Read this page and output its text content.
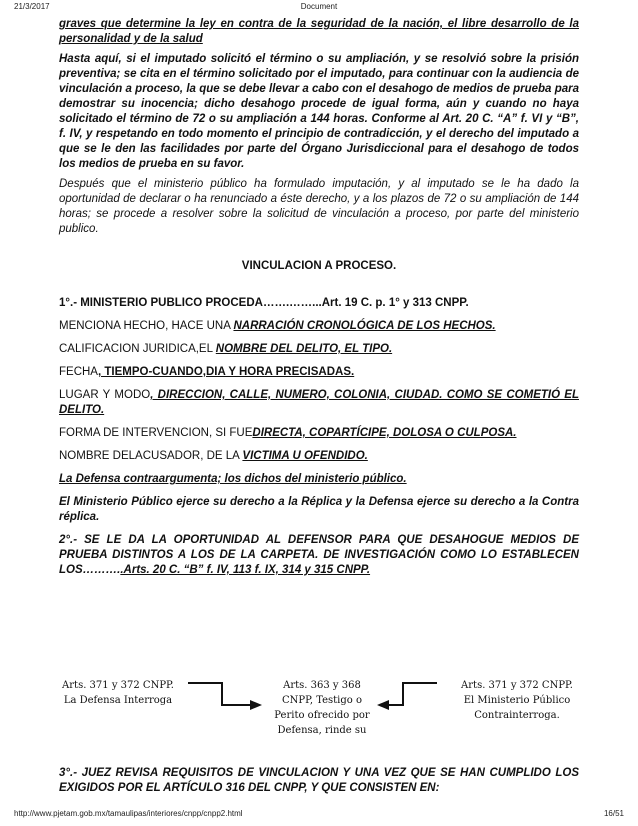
21/3/2017	Document

graves que determine la ley en contra de la seguridad de la nación, el libre desarrollo de la personalidad y de la salud

Hasta aquí, si el imputado solicitó el término o su ampliación, y se resolvió sobre la prisión preventiva; se cita en el término solicitado por el imputado, para continuar con la audiencia de vinculación a proceso, la que se debe llevar a cabo con el desahogo de medios de prueba para demostrar su inocencia; dicho desahogo procede de igual forma, aún y cuando no haya solicitado el término de 72 o su ampliación a 144 horas. Conforme al Art. 20 C. “A” f. VI y “B”, f. IV, y respetando en todo momento el principio de contradicción, y el derecho del imputado a que se le den las facilidades por parte del Órgano Jurisdiccional para el desahogo de todos los medios de prueba en su favor.

Después que el ministerio público ha formulado imputación, y al imputado se le ha dado la oportunidad de declarar o ha renunciado a éste derecho, y a los plazos de 72 o su ampliación de 144 horas; se procede a resolver sobre la solicitud de vinculación a proceso, por parte del ministerio publico.

VINCULACION A PROCESO.

1°.- MINISTERIO PUBLICO PROCEDA…….……...Art. 19 C. p. 1° y 313 CNPP.

MENCIONA HECHO, HACE UNA NARRACIÓN CRONOLÓGICA DE LOS HECHOS.

CALIFICACION JURIDICA,EL NOMBRE DEL DELITO, EL TIPO.

FECHA, TIEMPO-CUANDO,DIA Y HORA PRECISADAS.

LUGAR Y MODO, DIRECCION, CALLE, NUMERO, COLONIA, CIUDAD. COMO SE COMETIÓ EL DELITO.

FORMA DE INTERVENCION, SI FUEDIRECTA, COPARTÍCIPE, DOLOSA O CULPOSA.

NOMBRE DELACUSADOR, DE LA VICTIMA U OFENDIDO.

La Defensa contraargumenta; los dichos del ministerio público.

El Ministerio Público ejerce su derecho a la Réplica y la Defensa ejerce su derecho a la Contra réplica.

2°.- SE LE DA LA OPORTUNIDAD AL DEFENSOR PARA QUE DESAHOGUE MEDIOS DE PRUEBA DISTINTOS A LOS DE LA CARPETA. DE INVESTIGACIÓN COMO LO ESTABLECEN LOS………..Arts. 20 C. “B” f. IV, 113 f. IX, 314 y 315 CNPP.

Arts. 371 y 372 CNPP.
La Defensa Interroga
Arts. 363 y 368
CNPP, Testigo o
Perito ofrecido por
Defensa, rinde su
Arts. 371 y 372 CNPP.
El Ministerio Público
Contrainterroga.

3°.- JUEZ REVISA REQUISITOS DE VINCULACION Y UNA VEZ QUE SE HAN CUMPLIDO LOS EXIGIDOS POR EL ARTÍCULO 316 DEL CNPP, Y QUE CONSISTEN EN:

http://www.pjetam.gob.mx/tamaulipas/interiores/cnpp/cnpp2.html	16/51
